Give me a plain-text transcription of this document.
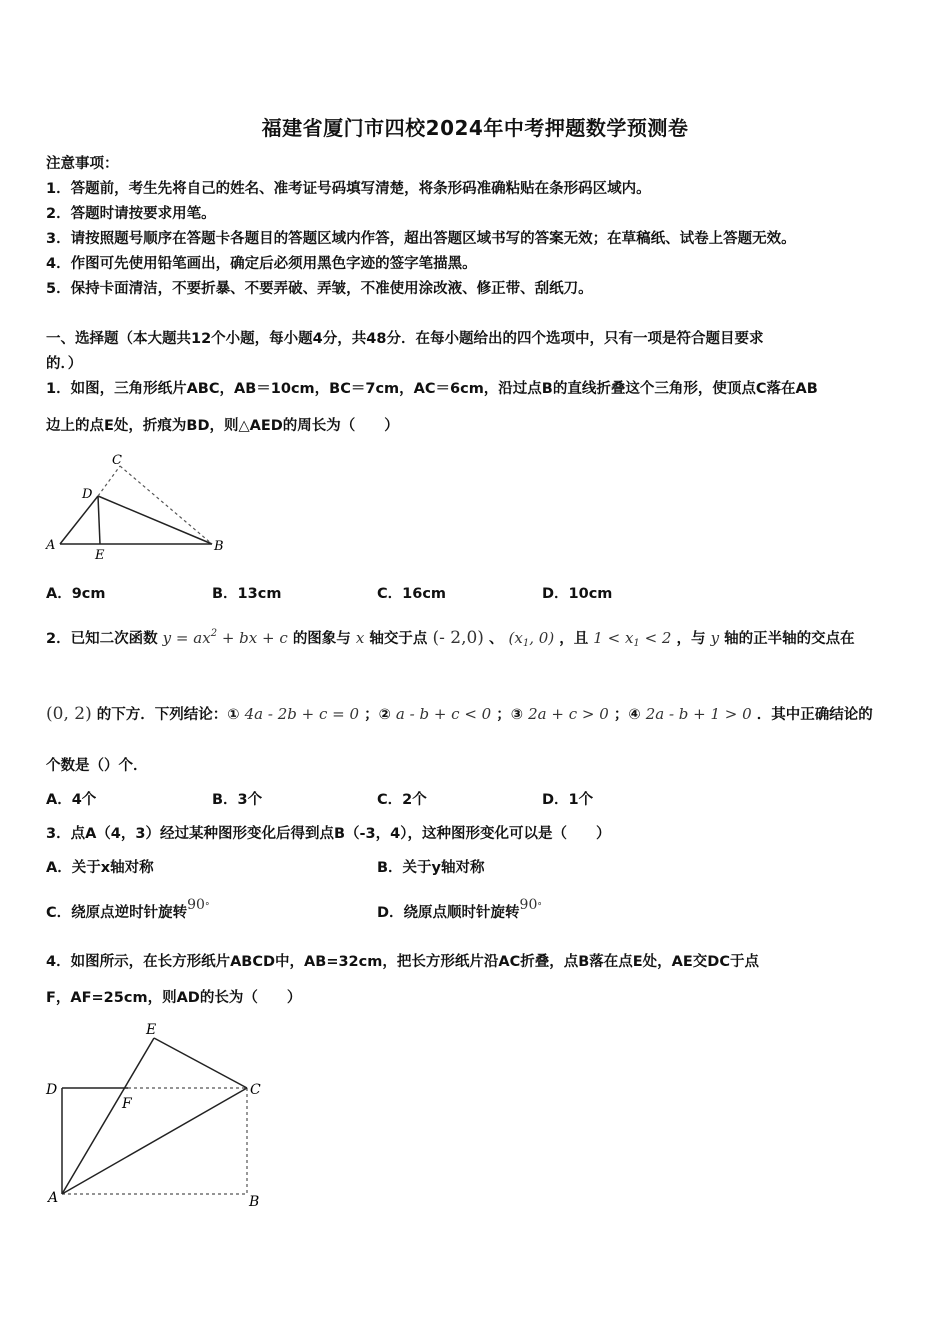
福建省厦门市四校2024年中考押题数学预测卷
注意事项：
1．答题前，考生先将自己的姓名、准考证号码填写清楚，将条形码准确粘贴在条形码区域内。
2．答题时请按要求用笔。
3．请按照题号顺序在答题卡各题目的答题区域内作答，超出答题区域书写的答案无效；在草稿纸、试卷上答题无效。
4．作图可先使用铅笔画出，确定后必须用黑色字迹的签字笔描黑。
5．保持卡面清洁，不要折暴、不要弄破、弄皱，不准使用涂改液、修正带、刮纸刀。
一、选择题（本大题共12个小题，每小题4分，共48分．在每小题给出的四个选项中，只有一项是符合题目要求
的．）
1．如图，三角形纸片ABC，AB＝10cm，BC＝7cm，AC＝6cm，沿过点B的直线折叠这个三角形，使顶点C落在AB
边上的点E处，折痕为BD，则△AED的周长为（　　）
A	B
C
D
E
A．9cm	B．13cm	C．16cm	D．10cm
2．已知二次函数 $y = ax^2$ + bx + c 的图象与 x 轴交于点 (- 2,0) 、 ($x_1$, 0) ，且 $1 < x_1 < 2$ ，与 y 轴的正半轴的交点在
(0, 2) 的下方．下列结论：① 4a - 2b + c = 0 ；② a - b + c < 0 ；③ 2a + c > 0 ；④ 2a - b + 1 > 0 ．其中正确结论的
个数是（）个．
A．4个	B．3个	C．2个	D．1个
3．点A（4，3）经过某种图形变化后得到点B（-3，4），这种图形变化可以是（　　）
A．关于x轴对称	B．关于y轴对称
C．绕原点逆时针旋转90°	D．绕原点顺时针旋转90°
4．如图所示，在长方形纸片ABCD中，AB=32cm，把长方形纸片沿AC折叠，点B落在点E处，AE交DC于点
F，AF=25cm，则AD的长为（　　）
D	C
A	B
E
F
